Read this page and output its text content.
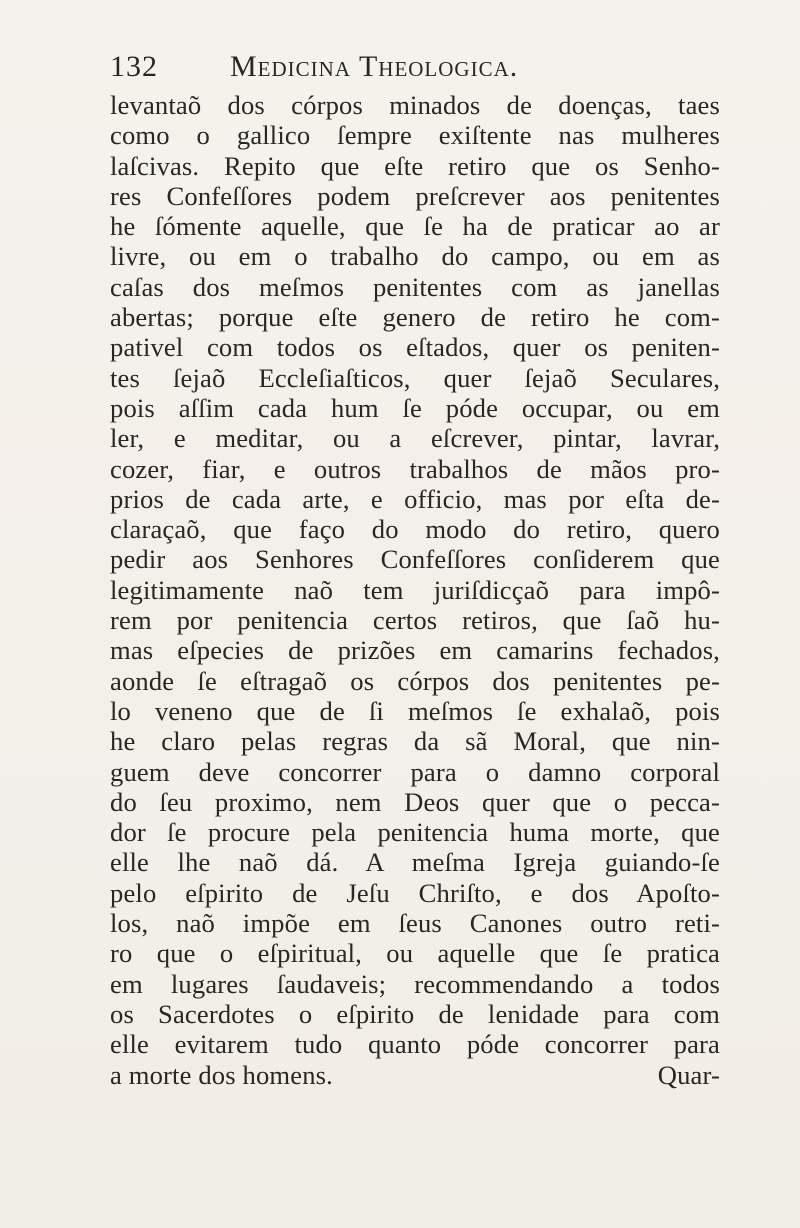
132 Medicina Theologica.
levantaõ dos córpos minados de doenças, taes
como o gallico ſempre exiſtente nas mulheres
laſcivas. Repito que eſte retiro que os Senho-
res Confeſſores podem preſcrever aos penitentes
he ſómente aquelle, que ſe ha de praticar ao ar
livre, ou em o trabalho do campo, ou em as
caſas dos meſmos penitentes com as janellas
abertas; porque eſte genero de retiro he com-
pativel com todos os eſtados, quer os peniten-
tes ſejaõ Eccleſiaſticos, quer ſejaõ Seculares,
pois aſſim cada hum ſe póde occupar, ou em
ler, e meditar, ou a eſcrever, pintar, lavrar,
cozer, fiar, e outros trabalhos de mãos pro-
prios de cada arte, e officio, mas por eſta de-
claraçaõ, que faço do modo do retiro, quero
pedir aos Senhores Confeſſores conſiderem que
legitimamente naõ tem juriſdicçaõ para impô-
rem por penitencia certos retiros, que ſaõ hu-
mas eſpecies de prizões em camarins fechados,
aonde ſe eſtragaõ os córpos dos penitentes pe-
lo veneno que de ſi meſmos ſe exhalaõ, pois
he claro pelas regras da sã Moral, que nin-
guem deve concorrer para o damno corporal
do ſeu proximo, nem Deos quer que o pecca-
dor ſe procure pela penitencia huma morte, que
elle lhe naõ dá. A meſma Igreja guiando-ſe
pelo eſpirito de Jeſu Chriſto, e dos Apoſto-
los, naõ impõe em ſeus Canones outro reti-
ro que o eſpiritual, ou aquelle que ſe pratica
em lugares ſaudaveis; recommendando a todos
os Sacerdotes o eſpirito de lenidade para com
elle evitarem tudo quanto póde concorrer para
a morte dos homens.	Quar-
